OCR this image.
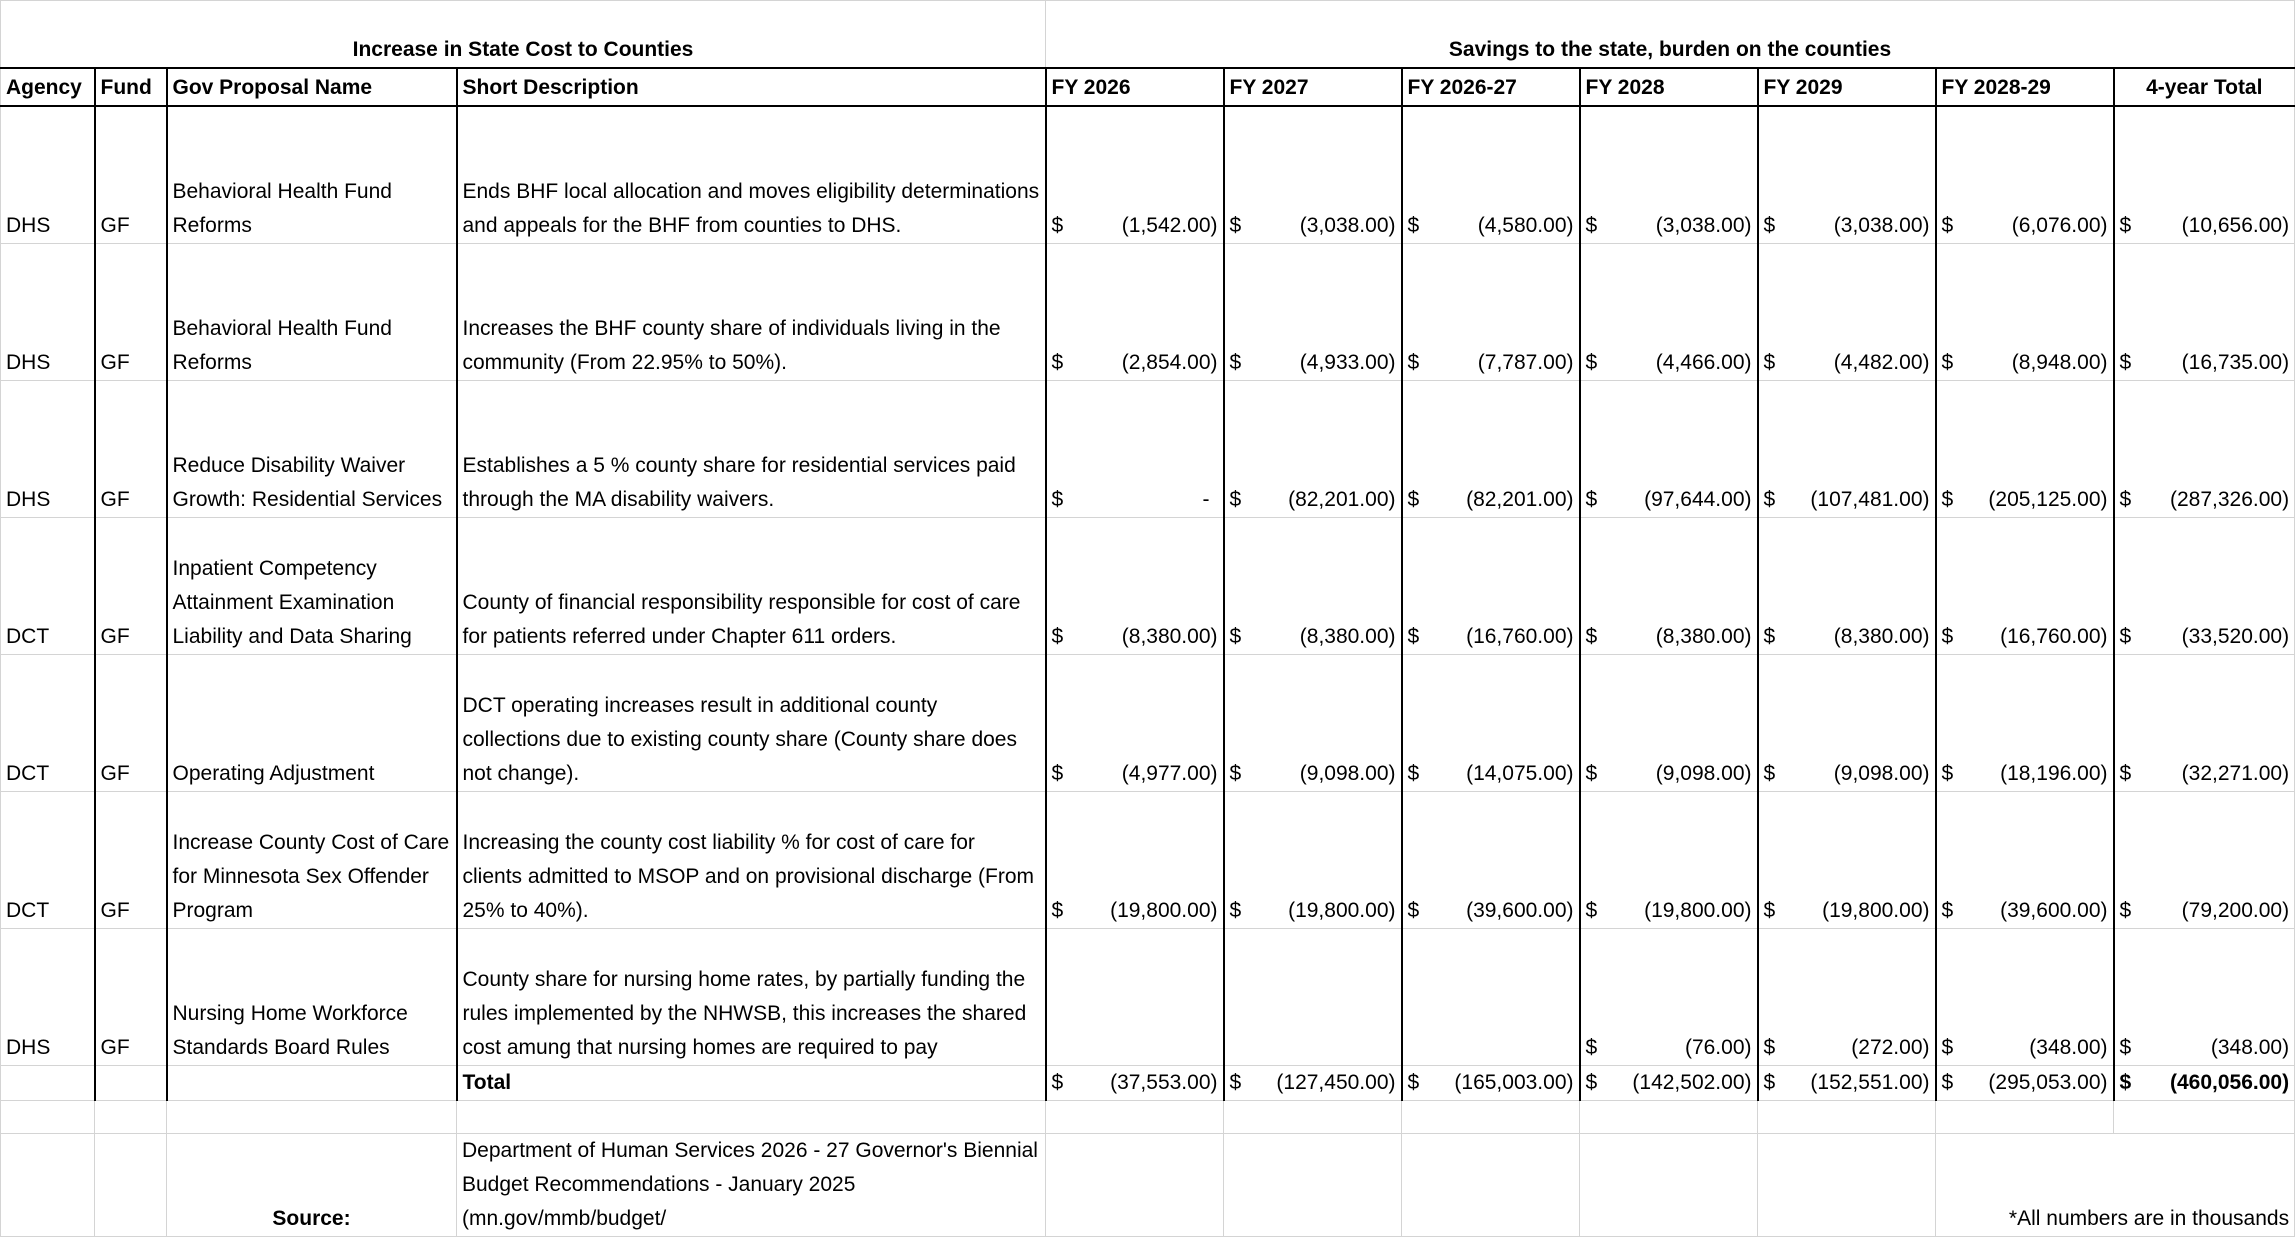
Increase in State Cost to Counties				Savings to the state, burden on the counties						
Agency	Fund	Gov Proposal Name	Short Description	FY 2026	FY 2027	FY 2026-27	FY 2028	FY 2029	FY 2028-29	4-year Total
DHS	GF	Behavioral Health Fund Reforms	Ends BHF local allocation and moves eligibility determinations and appeals for the BHF from counties to DHS.	$ (1,542.00)	$ (3,038.00)	$ (4,580.00)	$ (3,038.00)	$ (3,038.00)	$ (6,076.00)	$ (10,656.00)

DHS	GF	Behavioral Health Fund Reforms	Increases the BHF county share of individuals living in the community (From 22.95% to 50%).	$ (2,854.00)	$ (4,933.00)	$ (7,787.00)	$ (4,466.00)	$ (4,482.00)	$ (8,948.00)	$ (16,735.00)

DHS	GF	Reduce Disability Waiver Growth: Residential Services	Establishes a 5 % county share for residential services paid through the MA disability waivers.	$ -	$ (82,201.00)	$ (82,201.00)	$ (97,644.00)	$ (107,481.00)	$ (205,125.00)	$ (287,326.00)

DCT	GF	Inpatient Competency Attainment Examination Liability and Data Sharing	County of financial responsibility responsible for cost of care for patients referred under Chapter 611 orders.	$ (8,380.00)	$ (8,380.00)	$ (16,760.00)	$ (8,380.00)	$ (8,380.00)	$ (16,760.00)	$ (33,520.00)

DCT	GF	Operating Adjustment	DCT operating increases result in additional county collections due to existing county share (County share does not change).	$ (4,977.00)	$ (9,098.00)	$ (14,075.00)	$ (9,098.00)	$ (9,098.00)	$ (18,196.00)	$ (32,271.00)

DCT	GF	Increase County Cost of Care for Minnesota Sex Offender Program	Increasing the county cost liability % for cost of care for clients admitted to MSOP and on provisional discharge (From 25% to 40%).	$ (19,800.00)	$ (19,800.00)	$ (39,600.00)	$ (19,800.00)	$ (19,800.00)	$ (39,600.00)	$ (79,200.00)

DHS	GF	Nursing Home Workforce Standards Board Rules	County share for nursing home rates, by partially funding the rules implemented by the NHWSB, this increases the shared cost amung that nursing homes are required to pay				$ (76.00)	$ (272.00)	$ (348.00)	$ (348.00)

			Total	$ (37,553.00)	$ (127,450.00)	$ (165,003.00)	$ (142,502.00)	$ (152,551.00)	$ (295,053.00)	$ (460,056.00)

		Source:	Department of Human Services 2026 - 27 Governor's Biennial Budget Recommendations - January 2025 (mn.gov/mmb/budget/						*All numbers are in thousands	
